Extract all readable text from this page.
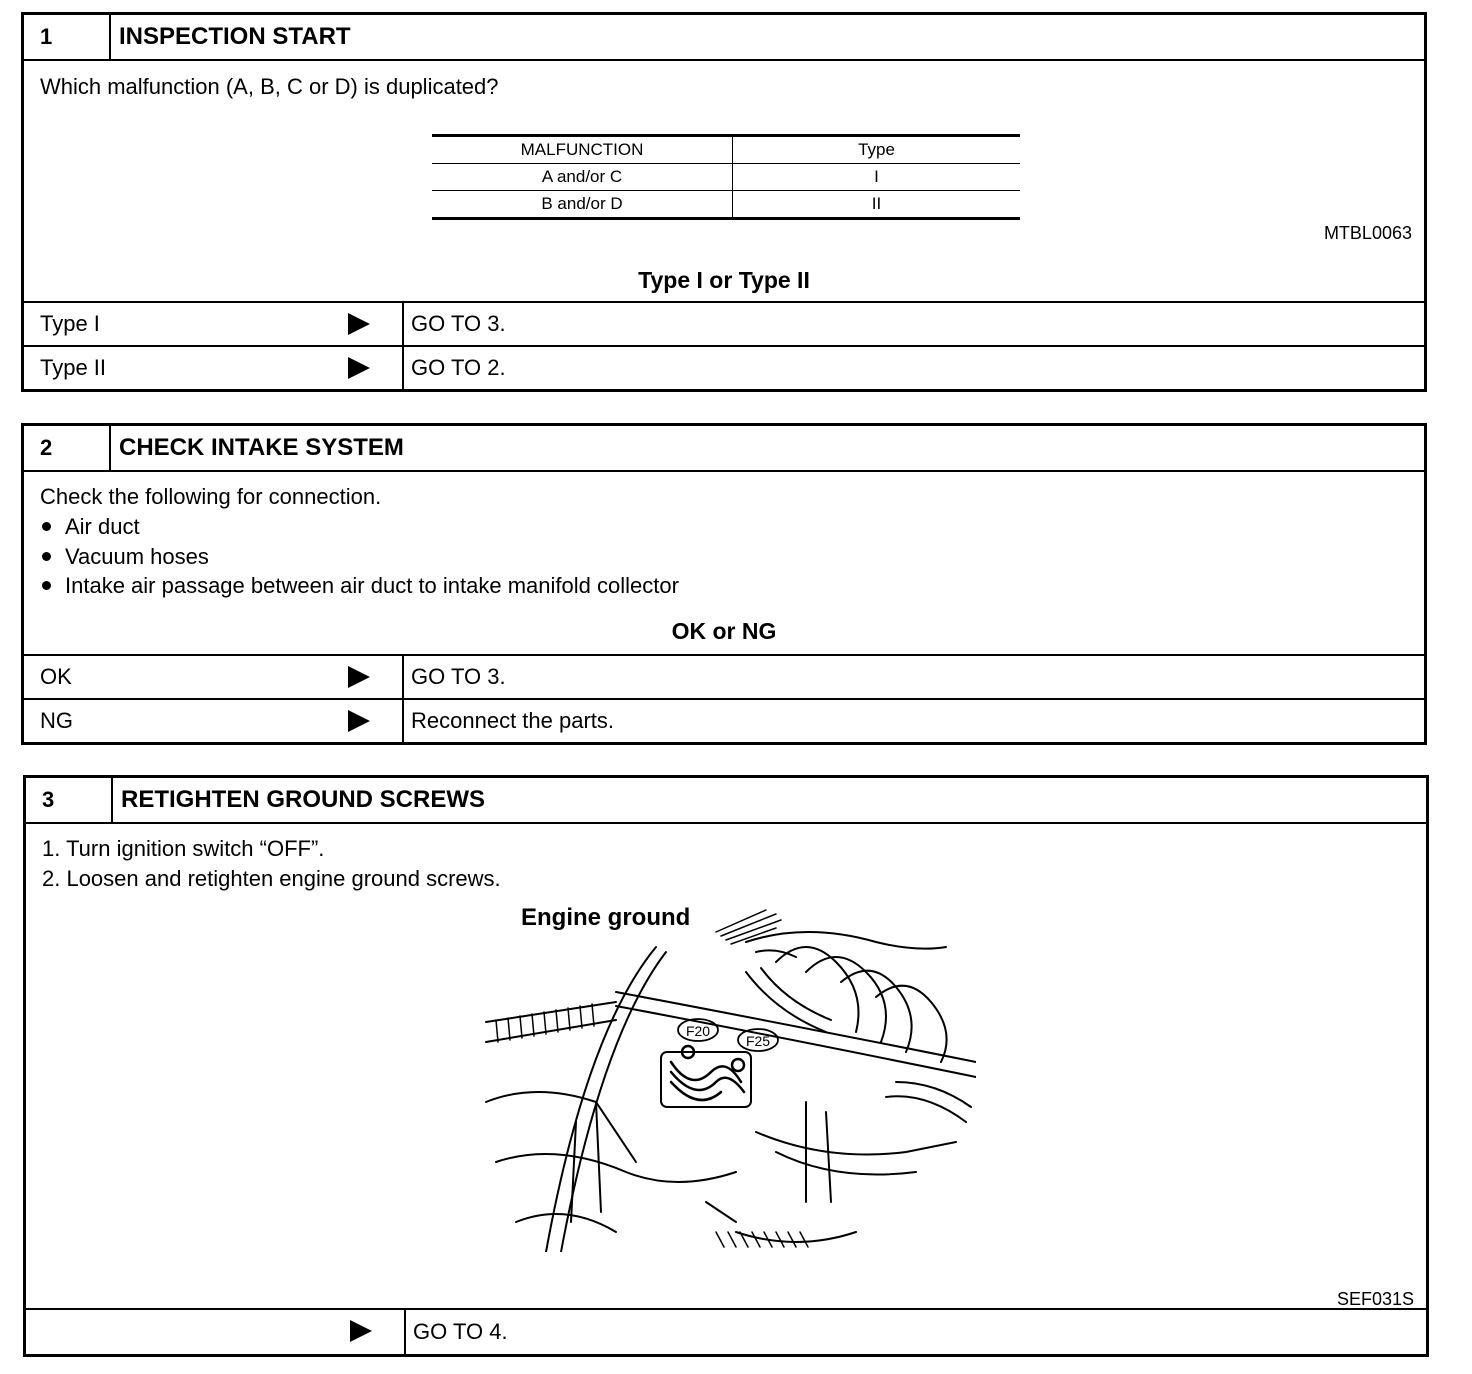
1	INSPECTION START
Which malfunction (A, B, C or D) is duplicated?
MALFUNCTION	Type
A and/or C	I
B and/or D	II
MTBL0063
Type I or Type II
Type I	GO TO 3.
Type II	GO TO 2.
2	CHECK INTAKE SYSTEM
Check the following for connection.
Air duct
Vacuum hoses
Intake air passage between air duct to intake manifold collector
OK or NG
OK	GO TO 3.
NG	Reconnect the parts.
3	RETIGHTEN GROUND SCREWS
1. Turn ignition switch “OFF”.
2. Loosen and retighten engine ground screws.
Engine ground
F20
F25
SEF031S
GO TO 4.
